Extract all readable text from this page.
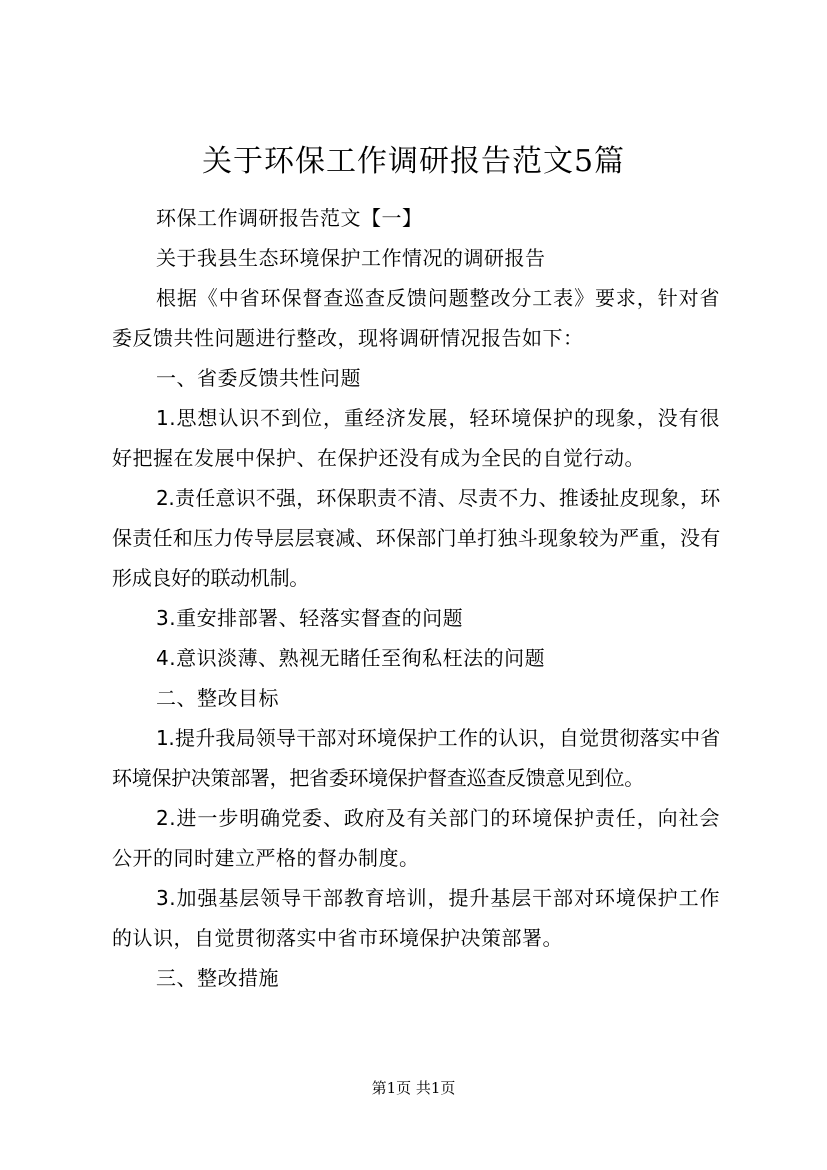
关于环保工作调研报告范文5篇

环保工作调研报告范文【一】

关于我县生态环境保护工作情况的调研报告

根据《中省环保督查巡查反馈问题整改分工表》要求，针对省委反馈共性问题进行整改，现将调研情况报告如下：

一、省委反馈共性问题

1.思想认识不到位，重经济发展，轻环境保护的现象，没有很好把握在发展中保护、在保护还没有成为全民的自觉行动。

2.责任意识不强，环保职责不清、尽责不力、推诿扯皮现象，环保责任和压力传导层层衰减、环保部门单打独斗现象较为严重，没有形成良好的联动机制。

3.重安排部署、轻落实督查的问题

4.意识淡薄、熟视无睹任至徇私枉法的问题

二、整改目标

1.提升我局领导干部对环境保护工作的认识，自觉贯彻落实中省环境保护决策部署，把省委环境保护督查巡查反馈意见到位。

2.进一步明确党委、政府及有关部门的环境保护责任，向社会公开的同时建立严格的督办制度。

3.加强基层领导干部教育培训，提升基层干部对环境保护工作的认识，自觉贯彻落实中省市环境保护决策部署。

三、整改措施

第1页 共1页
